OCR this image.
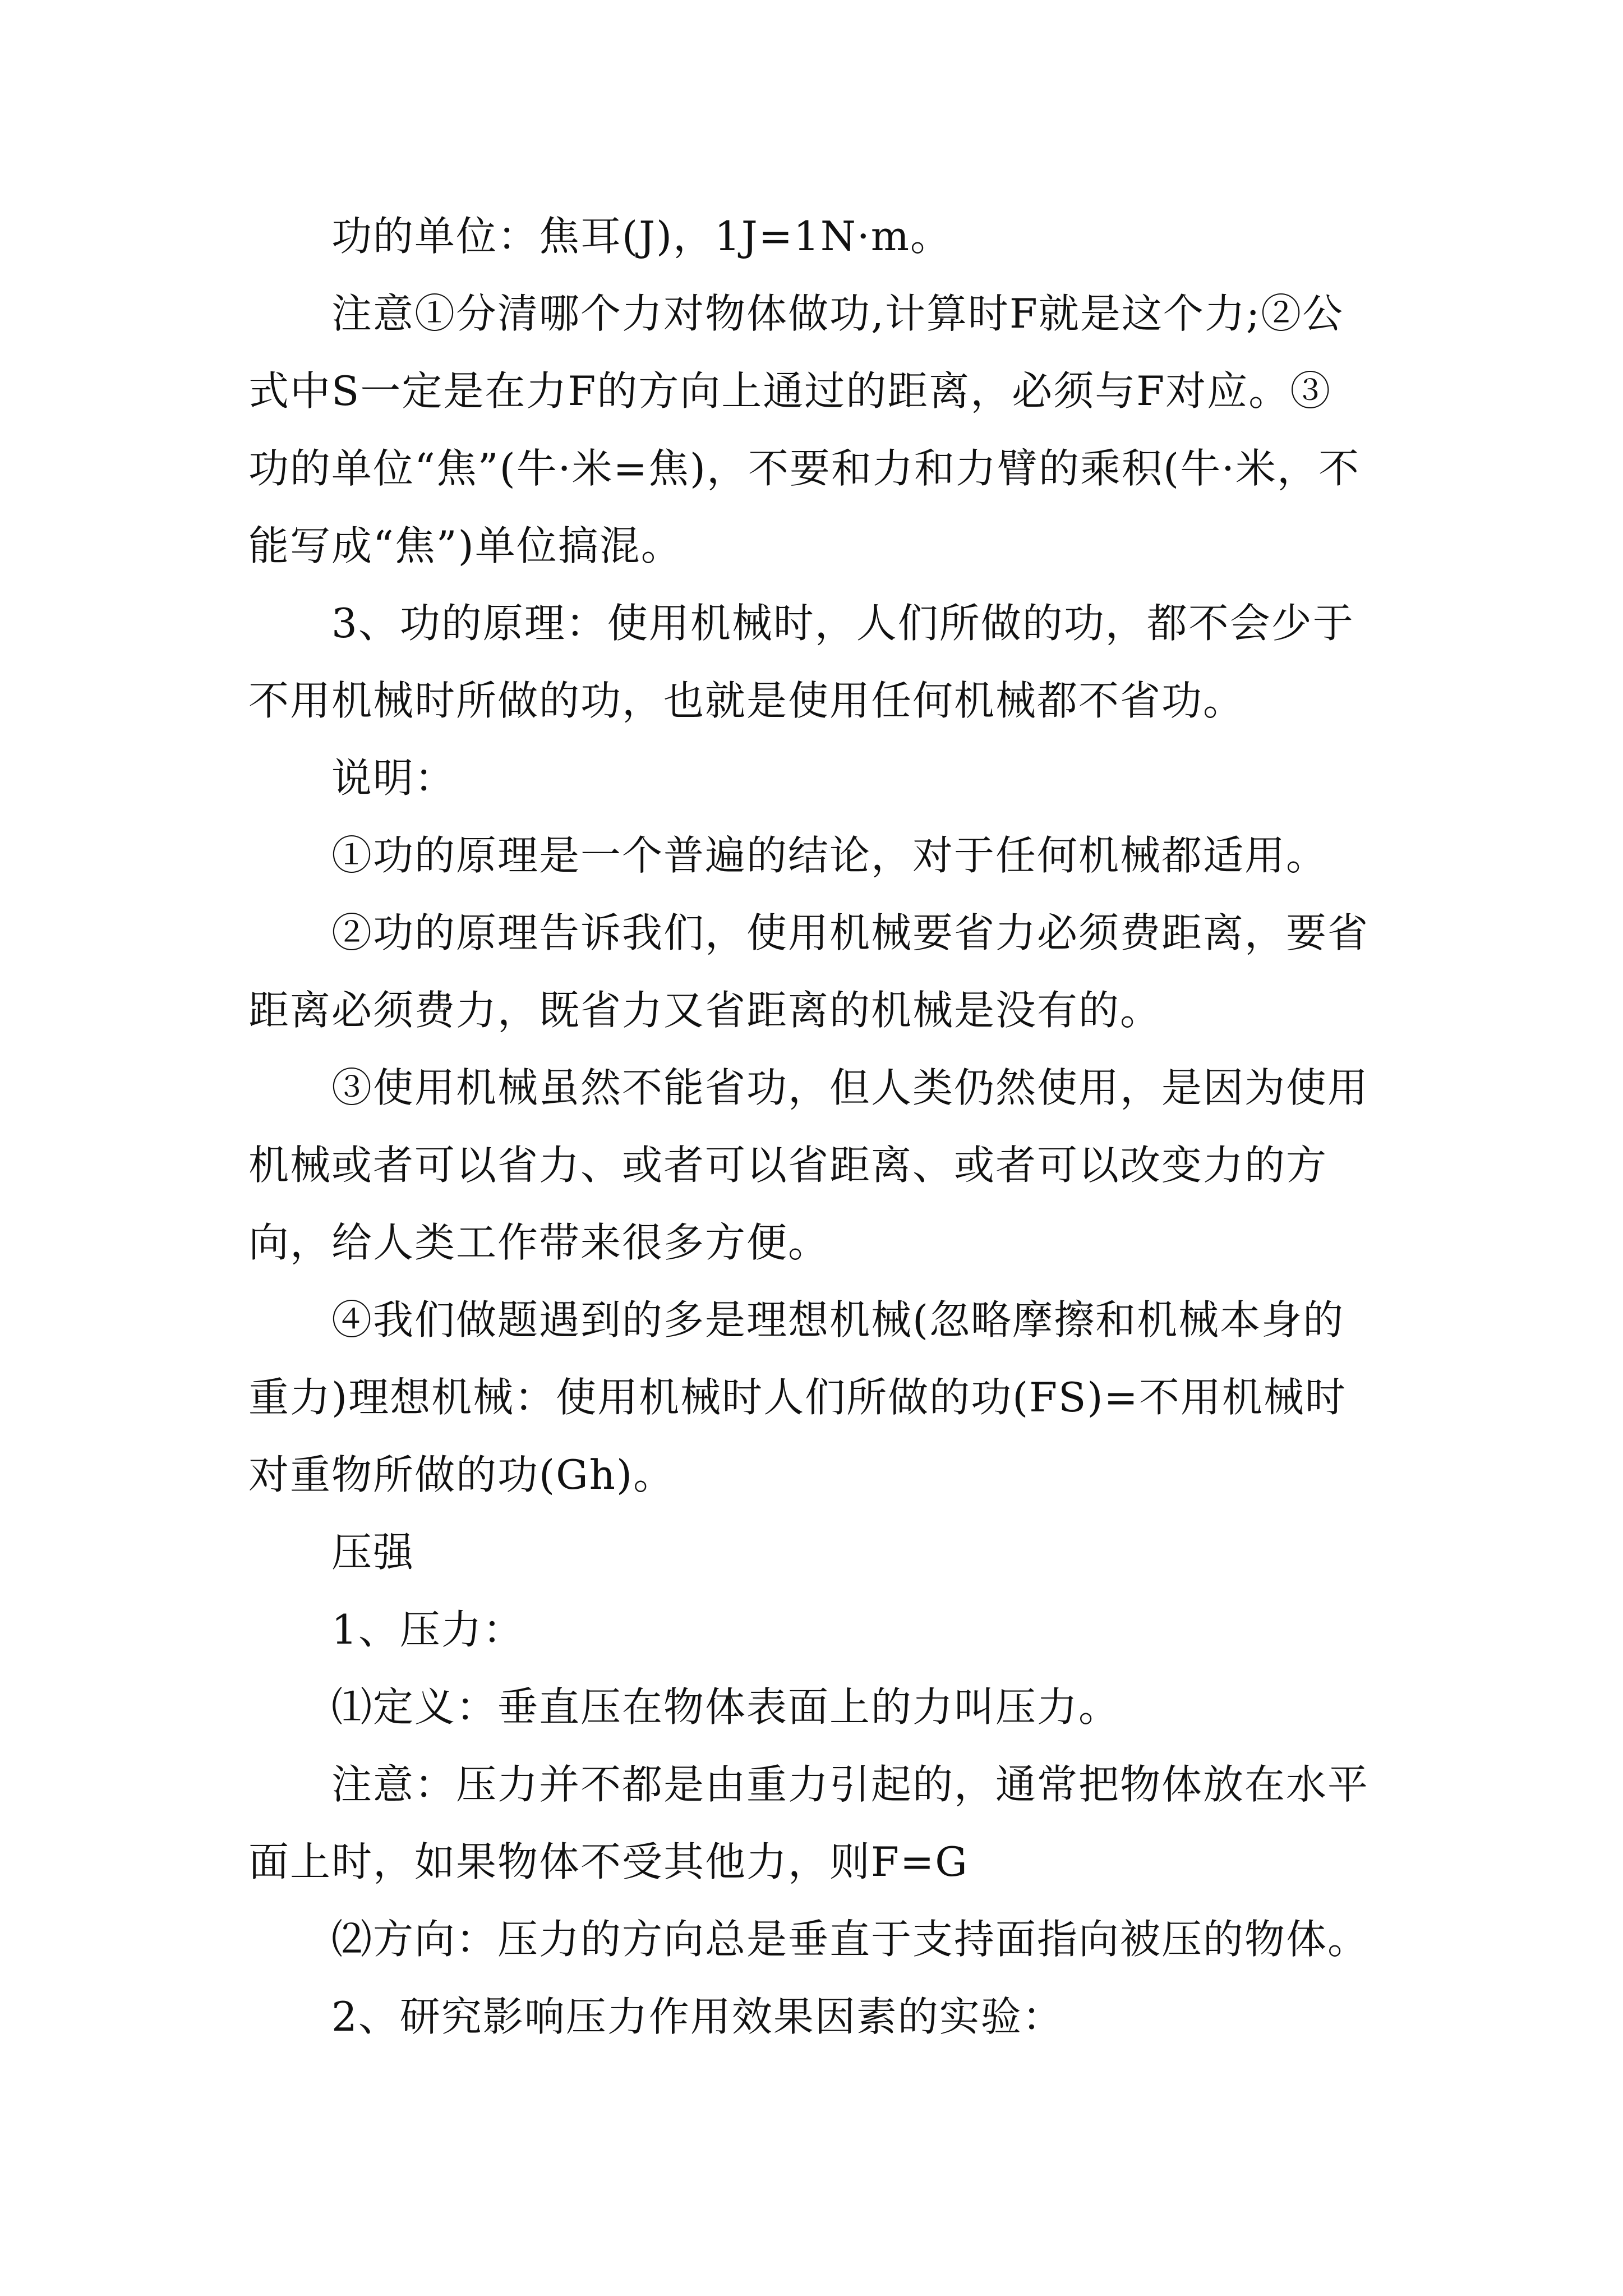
功的单位：焦耳(J)，1J=1N·m。

注意①分清哪个力对物体做功,计算时F就是这个力;②公式中S一定是在力F的方向上通过的距离，必须与F对应。③功的单位“焦”(牛·米=焦)，不要和力和力臂的乘积(牛·米，不能写成“焦”)单位搞混。

3、功的原理：使用机械时，人们所做的功，都不会少于不用机械时所做的功，也就是使用任何机械都不省功。

说明：

①功的原理是一个普遍的结论，对于任何机械都适用。

②功的原理告诉我们，使用机械要省力必须费距离，要省距离必须费力，既省力又省距离的机械是没有的。

③使用机械虽然不能省功，但人类仍然使用，是因为使用机械或者可以省力、或者可以省距离、或者可以改变力的方向，给人类工作带来很多方便。

④我们做题遇到的多是理想机械(忽略摩擦和机械本身的重力)理想机械：使用机械时人们所做的功(FS)=不用机械时对重物所做的功(Gh)。

压强

1、压力：

⑴定义：垂直压在物体表面上的力叫压力。

注意：压力并不都是由重力引起的，通常把物体放在水平面上时，如果物体不受其他力，则F=G

⑵方向：压力的方向总是垂直于支持面指向被压的物体。

2、研究影响压力作用效果因素的实验：
